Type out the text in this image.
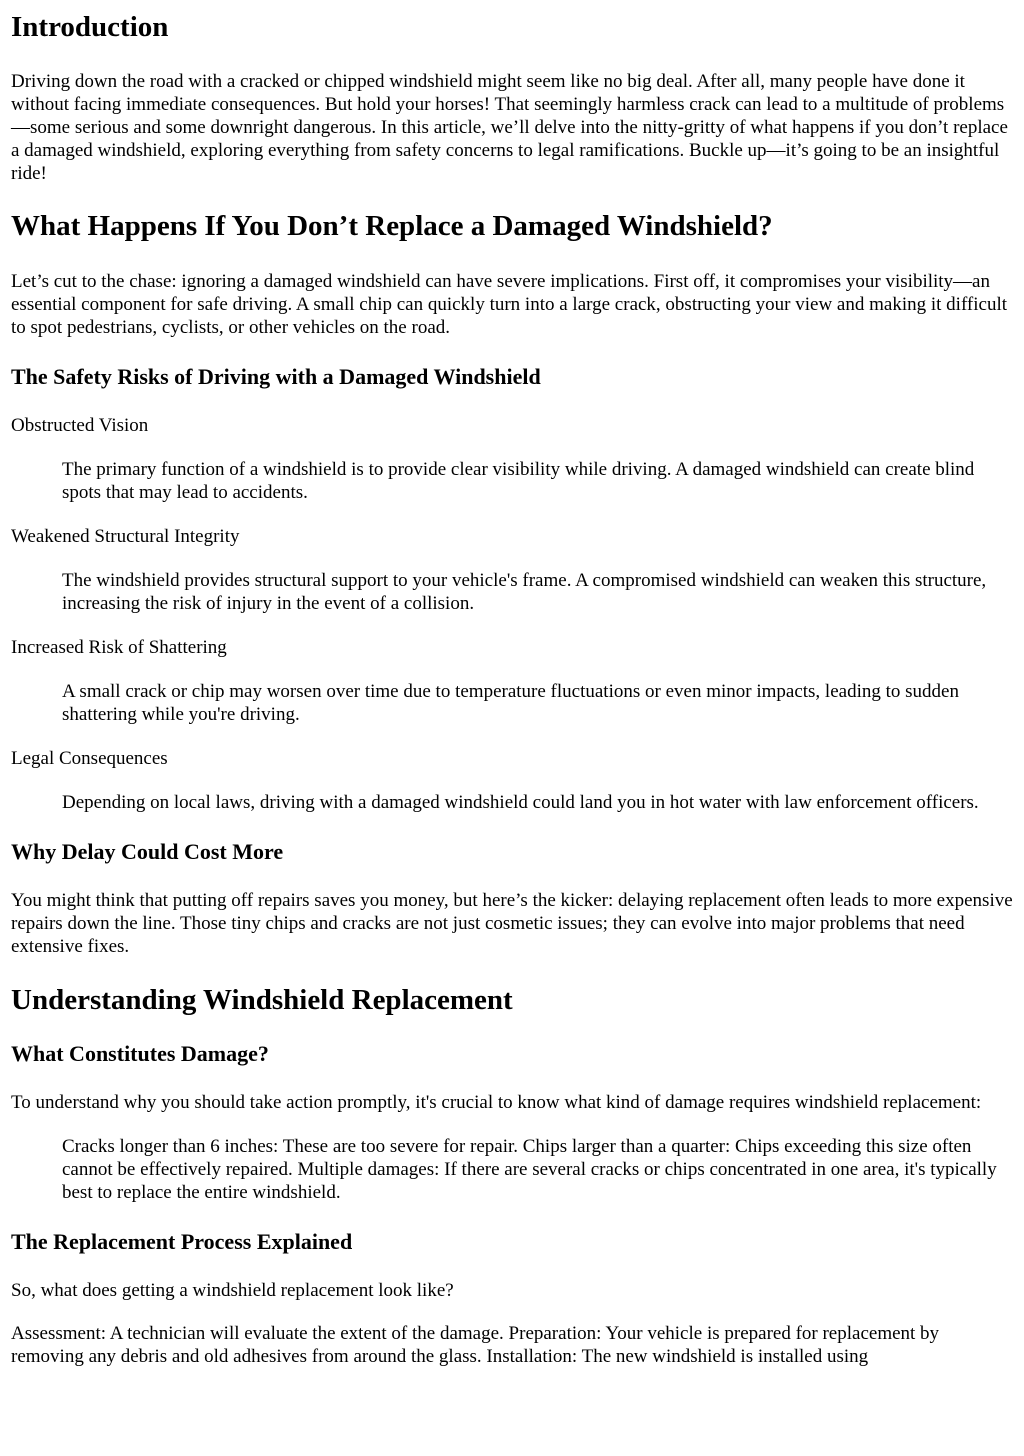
Introduction

Driving down the road with a cracked or chipped windshield might seem like no big deal. After all, many people have done it without facing immediate consequences. But hold your horses! That seemingly harmless crack can lead to a multitude of problems—some serious and some downright dangerous. In this article, we’ll delve into the nitty-gritty of what happens if you don’t replace a damaged windshield, exploring everything from safety concerns to legal ramifications. Buckle up—it’s going to be an insightful ride!

What Happens If You Don’t Replace a Damaged Windshield?

Let’s cut to the chase: ignoring a damaged windshield can have severe implications. First off, it compromises your visibility—an essential component for safe driving. A small chip can quickly turn into a large crack, obstructing your view and making it difficult to spot pedestrians, cyclists, or other vehicles on the road.

The Safety Risks of Driving with a Damaged Windshield
Obstructed Vision
The primary function of a windshield is to provide clear visibility while driving. A damaged windshield can create blind spots that may lead to accidents.
Weakened Structural Integrity
The windshield provides structural support to your vehicle's frame. A compromised windshield can weaken this structure, increasing the risk of injury in the event of a collision.
Increased Risk of Shattering
A small crack or chip may worsen over time due to temperature fluctuations or even minor impacts, leading to sudden shattering while you're driving.
Legal Consequences
Depending on local laws, driving with a damaged windshield could land you in hot water with law enforcement officers.
Why Delay Could Cost More

You might think that putting off repairs saves you money, but here’s the kicker: delaying replacement often leads to more expensive repairs down the line. Those tiny chips and cracks are not just cosmetic issues; they can evolve into major problems that need extensive fixes.

Understanding Windshield Replacement
What Constitutes Damage?

To understand why you should take action promptly, it's crucial to know what kind of damage requires windshield replacement:

Cracks longer than 6 inches: These are too severe for repair. Chips larger than a quarter: Chips exceeding this size often cannot be effectively repaired. Multiple damages: If there are several cracks or chips concentrated in one area, it's typically best to replace the entire windshield.
The Replacement Process Explained

So, what does getting a windshield replacement look like?

Assessment: A technician will evaluate the extent of the damage. Preparation: Your vehicle is prepared for replacement by removing any debris and old adhesives from around the glass. Installation: The new windshield is installed using
